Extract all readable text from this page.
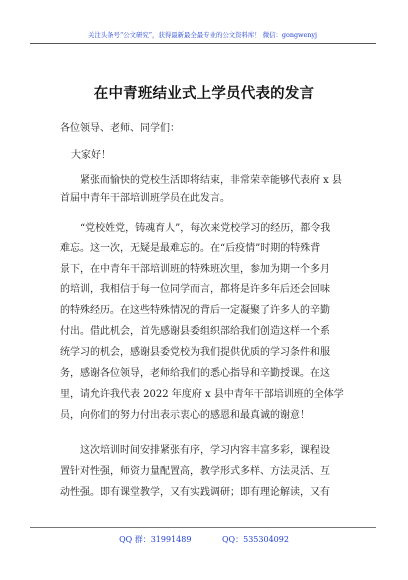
关注头条号“公文研究”，获得最新最全最专业的公文资料库！ 微信：gongwenyj
在中青班结业式上学员代表的发言
各位领导、老师、同学们：
大家好！
紧张而愉快的党校生活即将结束，非常荣幸能够代表府 x 县
首届中青年干部培训班学员在此发言。
“党校姓党，铸魂育人”，每次来党校学习的经历，都令我
难忘。这一次，无疑是最难忘的。在“后疫情”时期的特殊背
景下，在中青年干部培训班的特殊班次里，参加为期一个多月
的培训，我相信于每一位同学而言，都将是许多年后还会回味
的特殊经历。在这些特殊情况的背后一定凝聚了许多人的辛勤
付出。借此机会，首先感谢县委组织部给我们创造这样一个系
统学习的机会，感谢县委党校为我们提供优质的学习条件和服
务，感谢各位领导，老师给我们的悉心指导和辛勤授课。在这
里，请允许我代表 2022 年度府 x 县中青年干部培训班的全体学
员，向你们的努力付出表示衷心的感恩和最真诚的谢意！
这次培训时间安排紧张有序，学习内容丰富多彩，课程设
置针对性强，师资力量配置高，教学形式多样、方法灵活、互
动性强。即有课堂教学，又有实践调研；即有理论解读，又有
QQ 群：31991489	QQ：535304092
